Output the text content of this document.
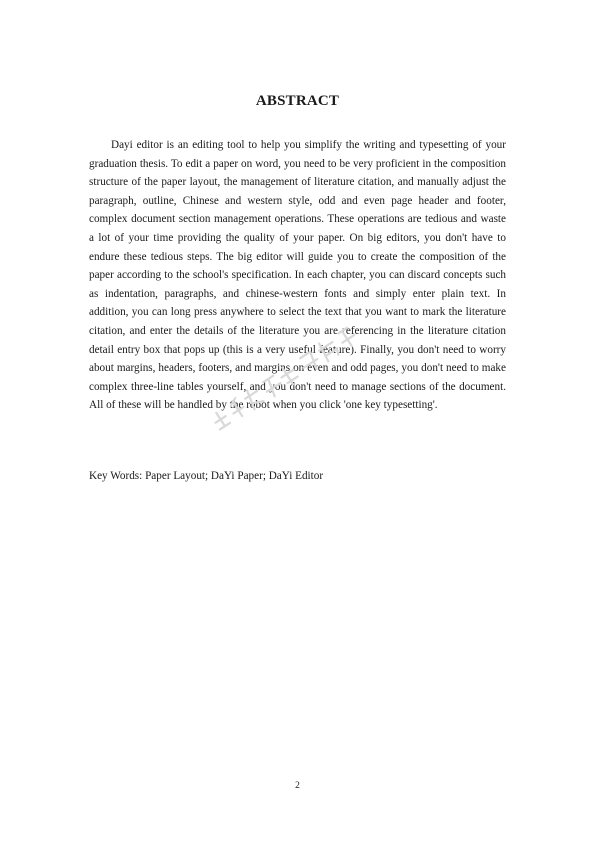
ABSTRACT

Dayi editor is an editing tool to help you simplify the writing and typesetting of your graduation thesis. To edit a paper on word, you need to be very proficient in the composition structure of the paper layout, the management of literature citation, and manually adjust the paragraph, outline, Chinese and western style, odd and even page header and footer, complex document section management operations. These operations are tedious and waste a lot of your time providing the quality of your paper. On big editors, you don't have to endure these tedious steps. The big editor will guide you to create the composition of the paper according to the school's specification. In each chapter, you can discard concepts such as indentation, paragraphs, and chinese-western fonts and simply enter plain text. In addition, you can long press anywhere to select the text that you want to mark the literature citation, and enter the details of the literature you are referencing in the literature citation detail entry box that pops up (this is a very useful feature). Finally, you don't need to worry about margins, headers, footers, and margins on even and odd pages, you don't need to make complex three-line tables yourself, and you don't need to manage sections of the document. All of these will be handled by the robot when you click 'one key typesetting'.

Key Words: Paper Layout; DaYi Paper; DaYi Editor

2
